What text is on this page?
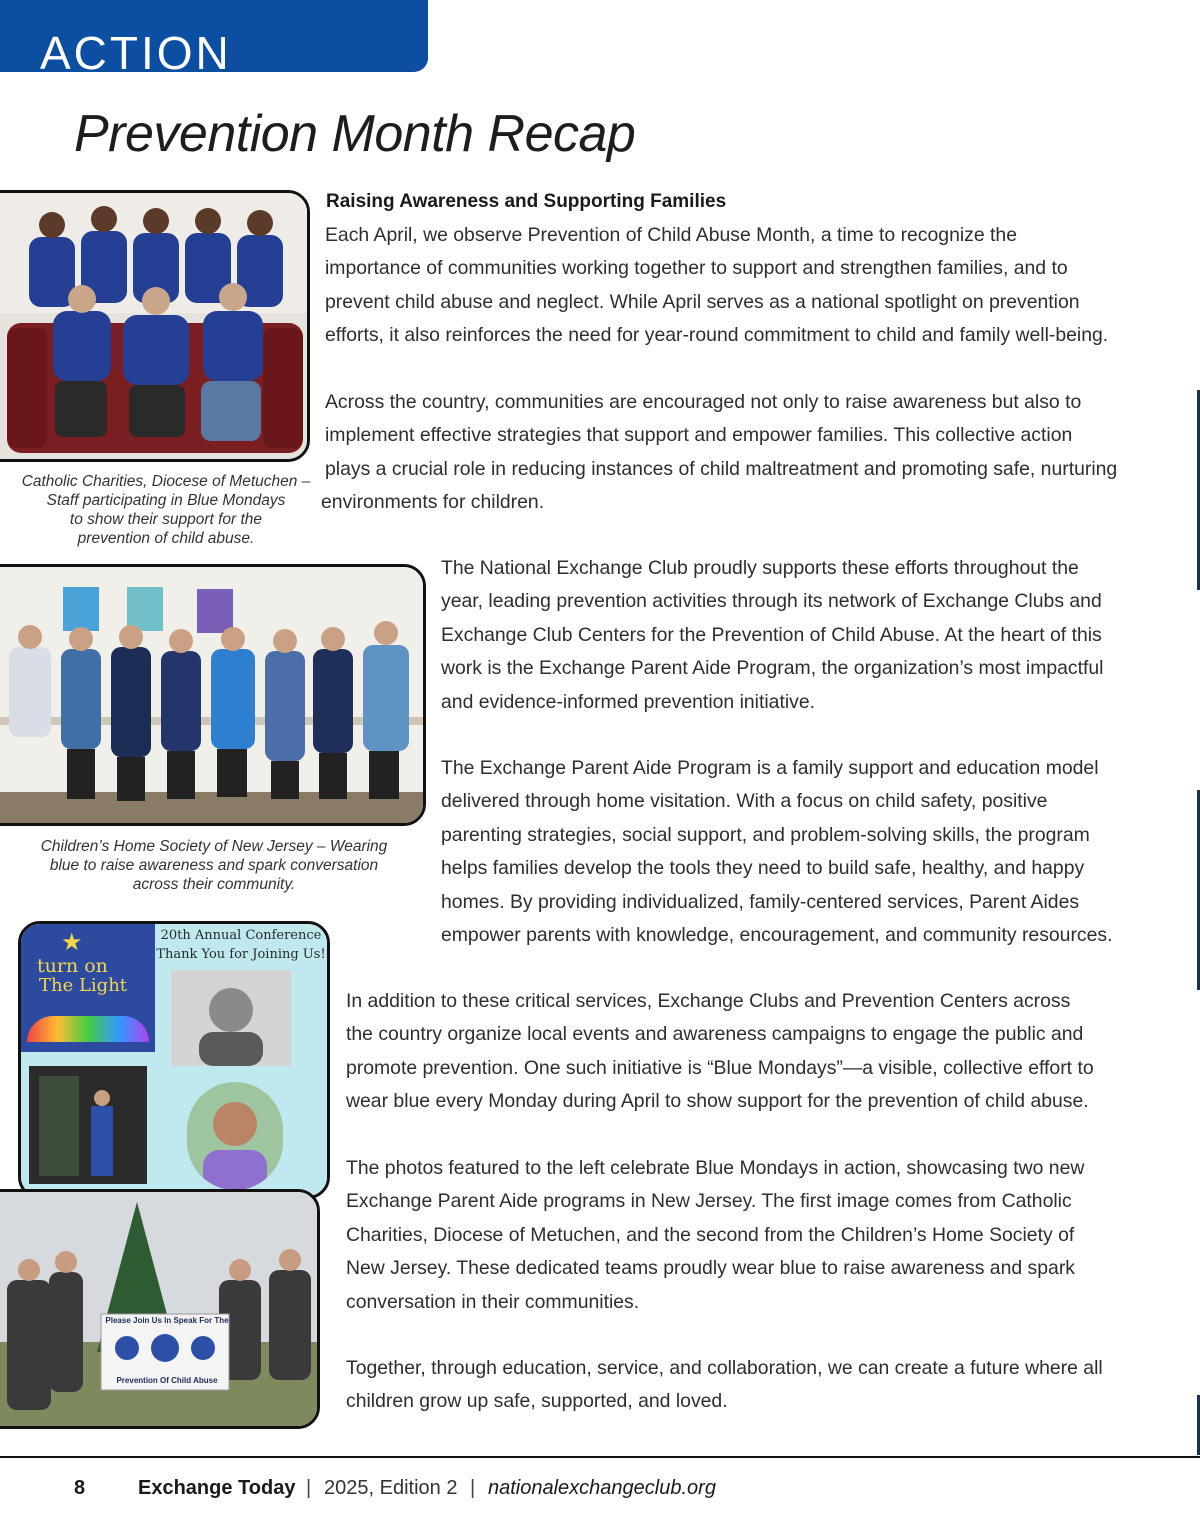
ACTION
Prevention Month Recap

Catholic Charities, Diocese of Metuchen –

Staff participating in Blue Mondays

to show their support for the

prevention of child abuse.

Children’s Home Society of New Jersey – Wearing

blue to raise awareness and spark conversation

across their community.

turn on
The Light
★	20th Annual Conference
Thank You for Joining Us!
Please Join Us In Speak For The
Prevention Of Child Abuse
Raising Awareness and Supporting Families

Each April, we observe Prevention of Child Abuse Month, a time to recognize the

importance of communities working together to support and strengthen families, and to

prevent child abuse and neglect. While April serves as a national spotlight on prevention

efforts, it also reinforces the need for year-round commitment to child and family well-being.

Across the country, communities are encouraged not only to raise awareness but also to

implement effective strategies that support and empower families. This collective action

plays a crucial role in reducing instances of child maltreatment and promoting safe, nurturing

environments for children.

The National Exchange Club proudly supports these efforts throughout the

year, leading prevention activities through its network of Exchange Clubs and

Exchange Club Centers for the Prevention of Child Abuse. At the heart of this

work is the Exchange Parent Aide Program, the organization’s most impactful

and evidence-informed prevention initiative.

The Exchange Parent Aide Program is a family support and education model

delivered through home visitation. With a focus on child safety, positive

parenting strategies, social support, and problem-solving skills, the program

helps families develop the tools they need to build safe, healthy, and happy

homes. By providing individualized, family-centered services, Parent Aides

empower parents with knowledge, encouragement, and community resources.

In addition to these critical services, Exchange Clubs and Prevention Centers across

the country organize local events and awareness campaigns to engage the public and

promote prevention. One such initiative is “Blue Mondays”—a visible, collective effort to

wear blue every Monday during April to show support for the prevention of child abuse.

The photos featured to the left celebrate Blue Mondays in action, showcasing two new

Exchange Parent Aide programs in New Jersey. The first image comes from Catholic

Charities, Diocese of Metuchen, and the second from the Children’s Home Society of

New Jersey. These dedicated teams proudly wear blue to raise awareness and spark

conversation in their communities.

Together, through education, service, and collaboration, we can create a future where all

children grow up safe, supported, and loved.

8	Exchange Today | 2025, Edition 2 | nationalexchangeclub.org
